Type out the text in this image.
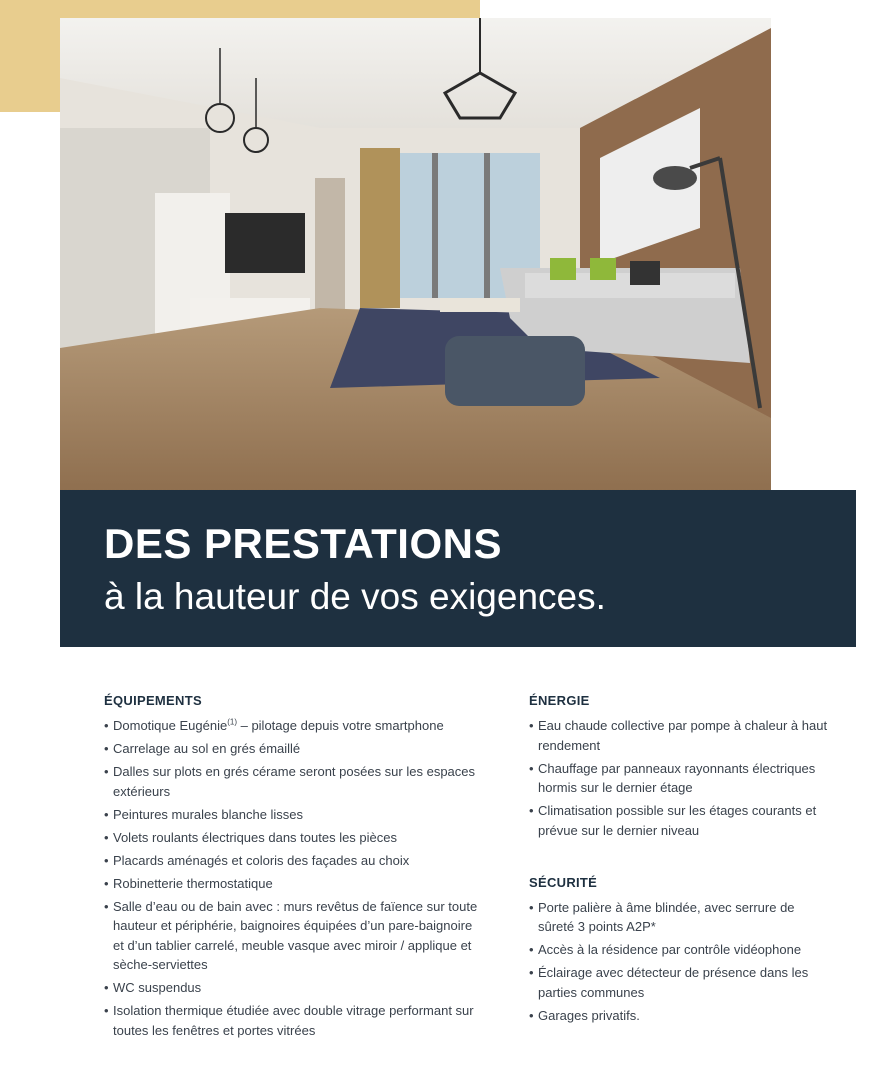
DES PRESTATIONS
à la hauteur de vos exigences.
ÉQUIPEMENTS
• Domotique Eugénie$^{(1)}$ – pilotage depuis votre smartphone
• Carrelage au sol en grés émaillé
• Dalles sur plots en grés cérame seront posées sur les espaces extérieurs
• Peintures murales blanche lisses
• Volets roulants électriques dans toutes les pièces
• Placards aménagés et coloris des façades au choix
• Robinetterie thermostatique
• Salle d’eau ou de bain avec : murs revêtus de faïence sur toute hauteur et périphérie, baignoires équipées d’un pare-baignoire et d’un tablier carrelé, meuble vasque avec miroir / applique et sèche-serviettes
• WC suspendus
• Isolation thermique étudiée avec double vitrage performant sur toutes les fenêtres et portes vitrées
ÉNERGIE
• Eau chaude collective par pompe à chaleur à haut rendement
• Chauffage par panneaux rayonnants électriques hormis sur le dernier étage
• Climatisation possible sur les étages courants et prévue sur le dernier niveau
SÉCURITÉ
• Porte palière à âme blindée, avec serrure de sûreté 3 points A2P*
• Accès à la résidence par contrôle vidéophone
• Éclairage avec détecteur de présence dans les parties communes
• Garages privatifs.
